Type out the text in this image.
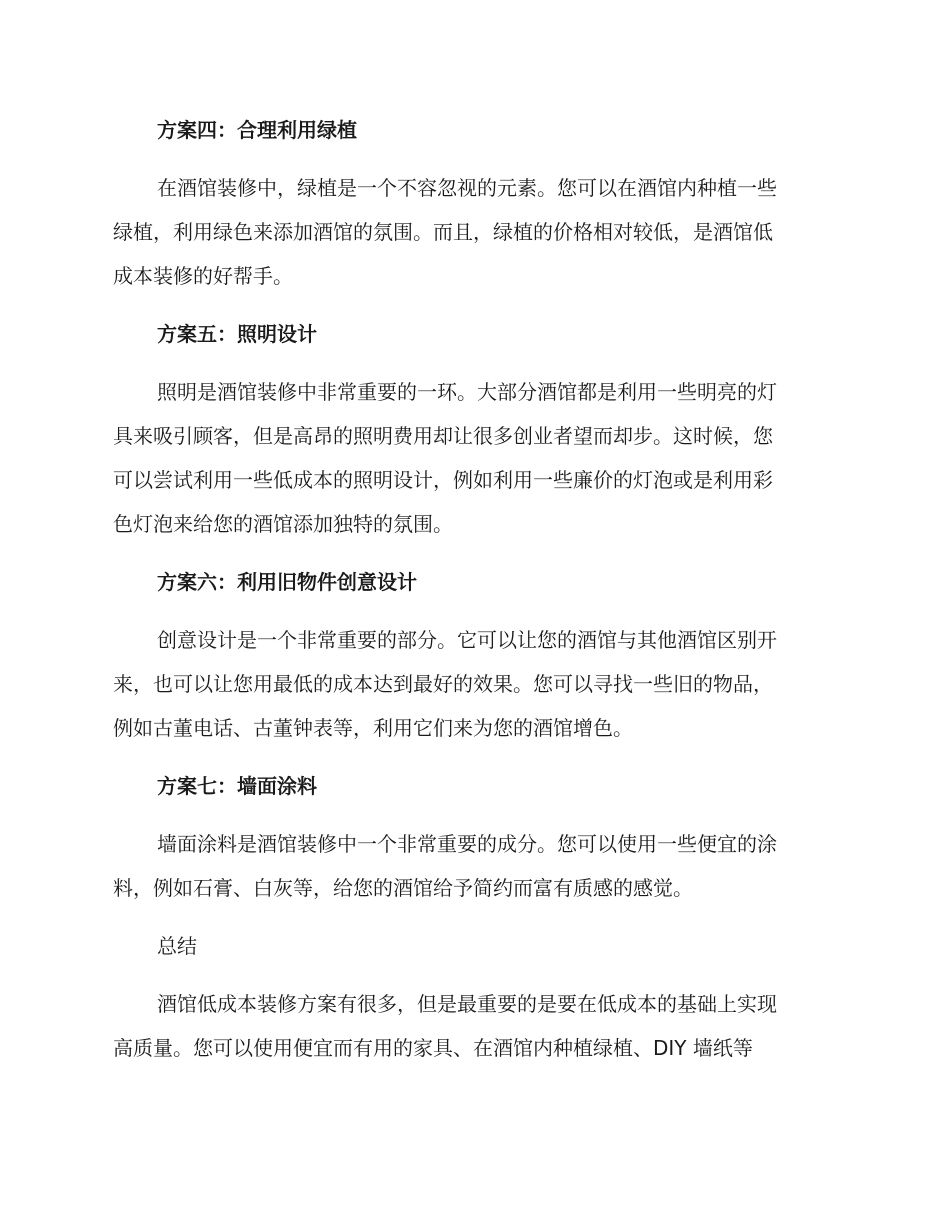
方案四：合理利用绿植

在酒馆装修中，绿植是一个不容忽视的元素。您可以在酒馆内种植一些
绿植，利用绿色来添加酒馆的氛围。而且，绿植的价格相对较低，是酒馆低
成本装修的好帮手。

方案五：照明设计

照明是酒馆装修中非常重要的一环。大部分酒馆都是利用一些明亮的灯
具来吸引顾客，但是高昂的照明费用却让很多创业者望而却步。这时候，您
可以尝试利用一些低成本的照明设计，例如利用一些廉价的灯泡或是利用彩
色灯泡来给您的酒馆添加独特的氛围。

方案六：利用旧物件创意设计

创意设计是一个非常重要的部分。它可以让您的酒馆与其他酒馆区别开
来，也可以让您用最低的成本达到最好的效果。您可以寻找一些旧的物品，
例如古董电话、古董钟表等，利用它们来为您的酒馆增色。

方案七：墙面涂料

墙面涂料是酒馆装修中一个非常重要的成分。您可以使用一些便宜的涂
料，例如石膏、白灰等，给您的酒馆给予简约而富有质感的感觉。

总结

酒馆低成本装修方案有很多，但是最重要的是要在低成本的基础上实现
高质量。您可以使用便宜而有用的家具、在酒馆内种植绿植、DIY 墙纸等
